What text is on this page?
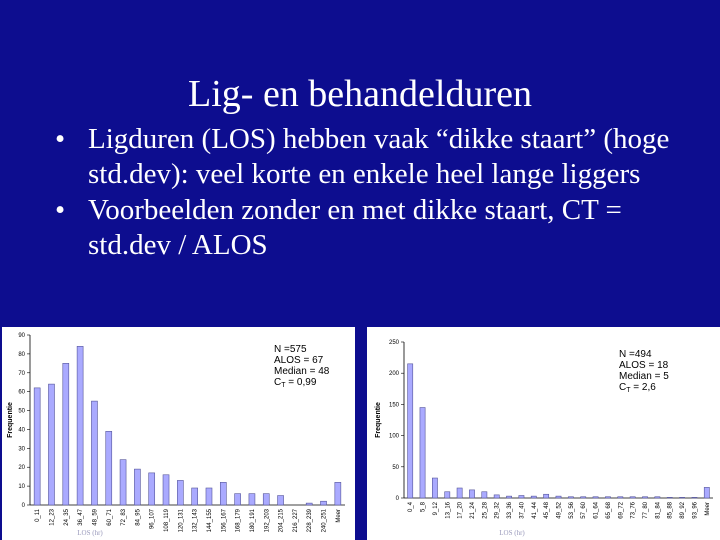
Lig- en behandelduren
• Ligduren (LOS) hebben vaak “dikke staart” (hoge std.dev): veel korte en enkele heel lange liggers
• Voorbeelden zonder en met dikke staart, CT = std.dev / ALOS
0
10
20
30
40
50
60
70
80
90
Frequentie
0_11 12_23 24_35 36_47 48_59 60_71 72_83 84_95 96_107 108_119 120_131 132_143 144_155 156_167 168_179 180_191 192_203 204_215 216_227 228_239 240_251 Meer
LOS (hr)
N =575
ALOS = 67
Median = 48
$C_T = 0,99$
0
50
100
150
200
250
Frequentie
0_4 5_8 9_12 13_16 17_20 21_24 25_28 29_32 33_36 37_40 41_44 45_48 49_52 53_56 57_60 61_64 65_68 69_72 73_76 77_80 81_84 85_88 89_92 93_96 Meer
LOS (hr)
N =494
ALOS = 18
Median = 5
$C_T = 2,6$
